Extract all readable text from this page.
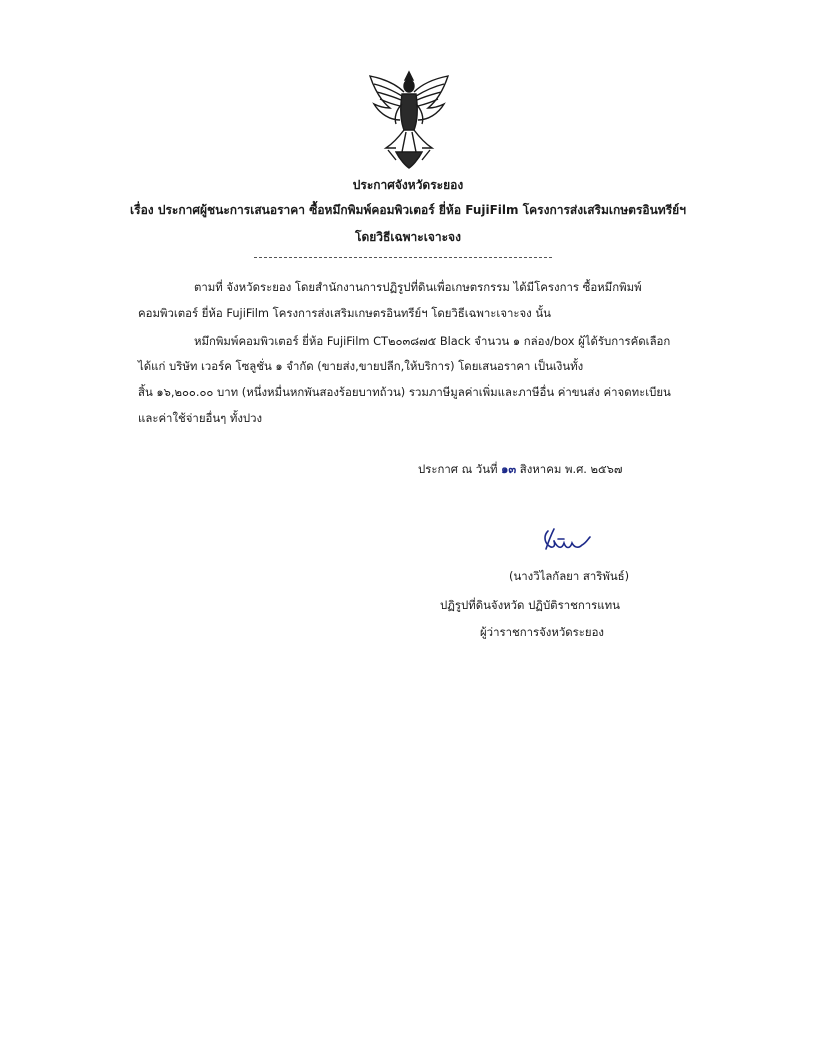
ประกาศจังหวัดระยอง
เรื่อง ประกาศผู้ชนะการเสนอราคา ซื้อหมึกพิมพ์คอมพิวเตอร์ ยี่ห้อ FujiFilm โครงการส่งเสริมเกษตรอินทรีย์ฯ
โดยวิธีเฉพาะเจาะจง
ตามที่ จังหวัดระยอง โดยสำนักงานการปฏิรูปที่ดินเพื่อเกษตรกรรม ได้มีโครงการ ซื้อหมึกพิมพ์
คอมพิวเตอร์ ยี่ห้อ FujiFilm โครงการส่งเสริมเกษตรอินทรีย์ฯ โดยวิธีเฉพาะเจาะจง นั้น
หมึกพิมพ์คอมพิวเตอร์ ยี่ห้อ FujiFilm CT๒๐๓๘๗๕ Black จำนวน ๑ กล่อง/box ผู้ได้รับการคัดเลือก
ได้แก่ บริษัท เวอร์ค โซลูชั่น ๑ จำกัด (ขายส่ง,ขายปลีก,ให้บริการ) โดยเสนอราคา เป็นเงินทั้ง
สิ้น ๑๖,๒๐๐.๐๐ บาท (หนึ่งหมื่นหกพันสองร้อยบาทถ้วน) รวมภาษีมูลค่าเพิ่มและภาษีอื่น ค่าขนส่ง ค่าจดทะเบียน
และค่าใช้จ่ายอื่นๆ ทั้งปวง
ประกาศ ณ วันที่ ๑๓ สิงหาคม พ.ศ. ๒๕๖๗
(นางวิไลกัลยา สาริพันธ์)
ปฏิรูปที่ดินจังหวัด ปฏิบัติราชการแทน
ผู้ว่าราชการจังหวัดระยอง
